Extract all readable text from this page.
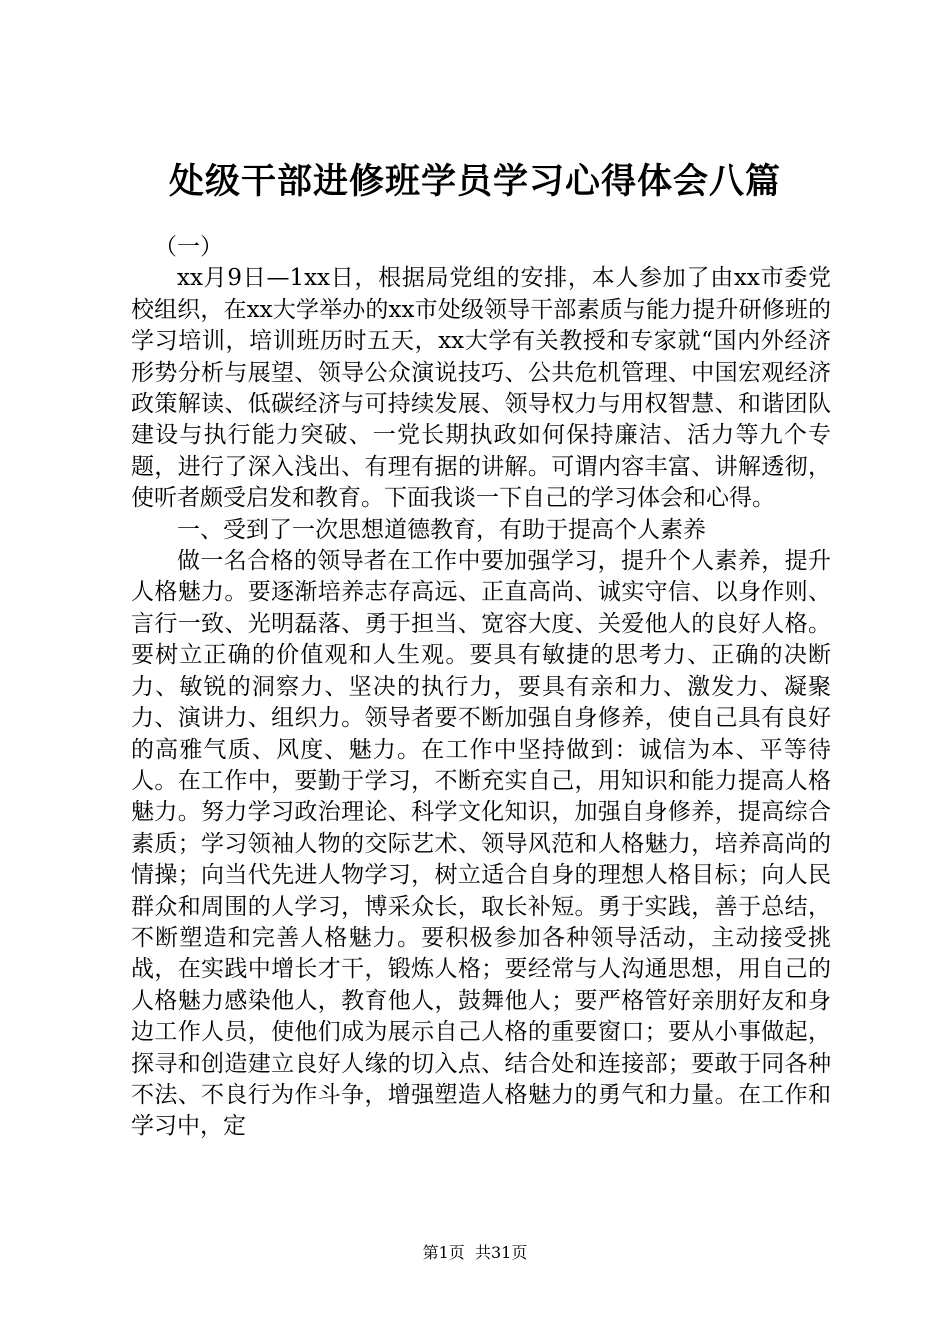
处级干部进修班学员学习心得体会八篇

（一）

xx月9日—1xx日，根据局党组的安排，本人参加了由xx市委党校组织，在xx大学举办的xx市处级领导干部素质与能力提升研修班的学习培训，培训班历时五天，xx大学有关教授和专家就“国内外经济形势分析与展望、领导公众演说技巧、公共危机管理、中国宏观经济政策解读、低碳经济与可持续发展、领导权力与用权智慧、和谐团队建设与执行能力突破、一党长期执政如何保持廉洁、活力等九个专题，进行了深入浅出、有理有据的讲解。可谓内容丰富、讲解透彻，使听者颇受启发和教育。下面我谈一下自己的学习体会和心得。

一、受到了一次思想道德教育，有助于提高个人素养

做一名合格的领导者在工作中要加强学习，提升个人素养，提升人格魅力。要逐渐培养志存高远、正直高尚、诚实守信、以身作则、言行一致、光明磊落、勇于担当、宽容大度、关爱他人的良好人格。要树立正确的价值观和人生观。要具有敏捷的思考力、正确的决断力、敏锐的洞察力、坚决的执行力，要具有亲和力、激发力、凝聚力、演讲力、组织力。领导者要不断加强自身修养，使自己具有良好的高雅气质、风度、魅力。在工作中坚持做到：诚信为本、平等待人。在工作中，要勤于学习，不断充实自己，用知识和能力提高人格魅力。努力学习政治理论、科学文化知识，加强自身修养，提高综合素质；学习领袖人物的交际艺术、领导风范和人格魅力，培养高尚的情操；向当代先进人物学习，树立适合自身的理想人格目标；向人民群众和周围的人学习，博采众长，取长补短。勇于实践，善于总结，不断塑造和完善人格魅力。要积极参加各种领导活动，主动接受挑战，在实践中增长才干，锻炼人格；要经常与人沟通思想，用自己的人格魅力感染他人，教育他人，鼓舞他人；要严格管好亲朋好友和身边工作人员，使他们成为展示自己人格的重要窗口；要从小事做起，探寻和创造建立良好人缘的切入点、结合处和连接部；要敢于同各种不法、不良行为作斗争，增强塑造人格魅力的勇气和力量。在工作和学习中，定

第1页 共31页
